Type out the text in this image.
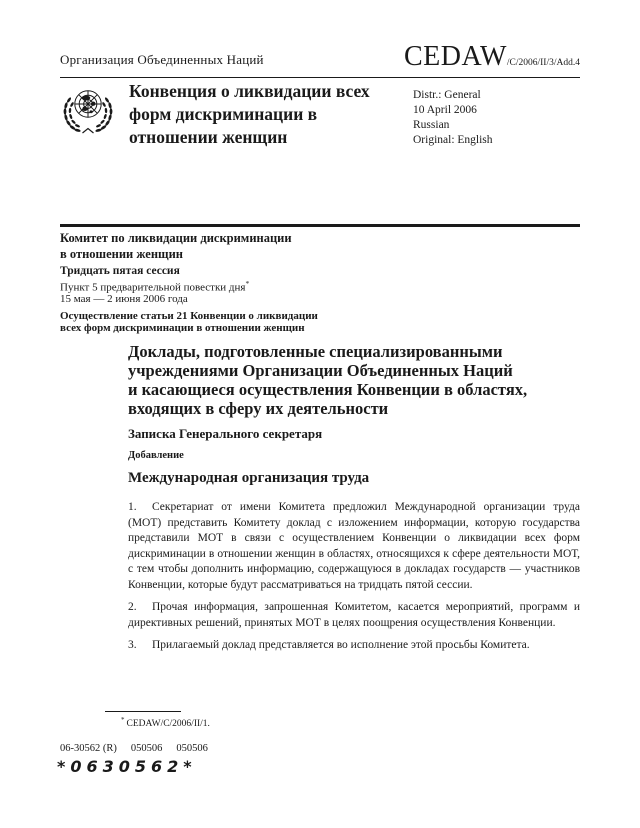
Организация Объединенных Наций	CEDAW /C/2006/II/3/Add.4
Конвенция о ликвидации всех
форм дискриминации в
отношении женщин
Distr.: General
10 April 2006
Russian
Original: English
Комитет по ликвидации дискриминации
в отношении женщин
Тридцать пятая сессия
Пункт 5 предварительной повестки дня*
15 мая — 2 июня 2006 года
Осуществление статьи 21 Конвенции о ликвидации
всех форм дискриминации в отношении женщин
Доклады, подготовленные специализированными
учреждениями Организации Объединенных Наций
и касающиеся осуществления Конвенции в областях,
входящих в сферу их деятельности
Записка Генерального секретаря
Добавление
Международная организация труда

1. Секретариат от имени Комитета предложил Международной организации труда (МОТ) представить Комитету доклад с изложением информации, которую государства представили МОТ в связи с осуществлением Конвенции о ликвидации всех форм дискриминации в отношении женщин в областях, относящихся к сфере деятельности МОТ, с тем чтобы дополнить информацию, содержащуюся в докладах государств — участников Конвенции, которые будут рассматриваться на тридцать пятой сессии.

2. Прочая информация, запрошенная Комитетом, касается мероприятий, программ и директивных решений, принятых МОТ в целях поощрения осуществления Конвенции.

3. Прилагаемый доклад представляется во исполнение этой просьбы Комитета.

* CEDAW/C/2006/II/1.
06-30562 (R) 050506 050506
*0630562*
